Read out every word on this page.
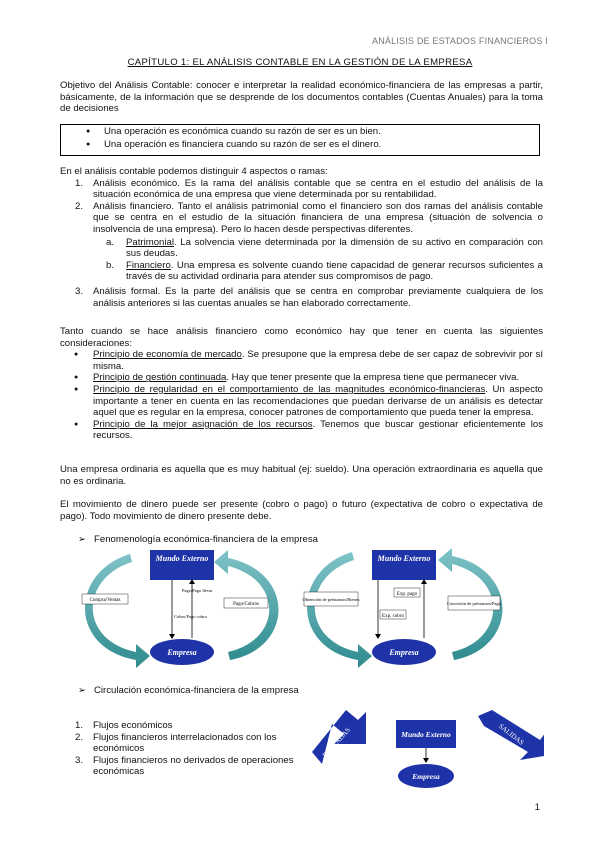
ANÁLISIS DE ESTADOS FINANCIEROS I
CAPÍTULO 1: EL ANÁLISIS CONTABLE EN LA GESTIÓN DE LA EMPRESA
Objetivo del Análisis Contable: conocer e interpretar la realidad económico-financiera de las empresas a partir, básicamente, de la información que se desprende de los documentos contables (Cuentas Anuales) para la toma de decisiones
● Una operación es económica cuando su razón de ser es un bien.
● Una operación es financiera cuando su razón de ser es el dinero.
En el análisis contable podemos distinguir 4 aspectos o ramas:
1. Análisis económico. Es la rama del análisis contable que se centra en el estudio del análisis de la situación económica de una empresa que viene determinada por su rentabilidad.
2. Análisis financiero. Tanto el análisis patrimonial como el financiero son dos ramas del análisis contable que se centra en el estudio de la situación financiera de una empresa (situación de solvencia o insolvencia de una empresa). Pero lo hacen desde perspectivas diferentes.
a. Patrimonial. La solvencia viene determinada por la dimensión de su activo en comparación con sus deudas.
b. Financiero. Una empresa es solvente cuando tiene capacidad de generar recursos suficientes a través de su actividad ordinaria para atender sus compromisos de pago.
3. Análisis formal. Es la parte del análisis que se centra en comprobar previamente cualquiera de los análisis anteriores si las cuentas anuales se han elaborado correctamente.
Tanto cuando se hace análisis financiero como económico hay que tener en cuenta las siguientes consideraciones:
● Principio de economía de mercado. Se presupone que la empresa debe de ser capaz de sobrevivir por sí misma.
● Principio de gestión continuada. Hay que tener presente que la empresa tiene que permanecer viva.
● Principio de regularidad en el comportamiento de las magnitudes económico-financieras. Un aspecto importante a tener en cuenta en las recomendaciones que puedan derivarse de un análisis es detectar aquel que es regular en la empresa, conocer patrones de comportamiento que pueda tener la empresa.
● Principio de la mejor asignación de los recursos. Tenemos que buscar gestionar eficientemente los recursos.
Una empresa ordinaria es aquella que es muy habitual (ej: sueldo). Una operación extraordinaria es aquella que no es ordinaria.
El movimiento de dinero puede ser presente (cobro o pago) o futuro (expectativa de cobro o expectativa de pago). Todo movimiento de dinero presente debe.
➢ Fenomenología económica-financiera de la empresa
Mundo Externo
Empresa
Compra/Ventas
Pago/Cobros
Pago/Pago llevar
Cobro/Pago cobro
Mundo Externo
Empresa
Obtención de préstamos/Bienes
Concesión de préstamos/Pago
Exp. pago
Exp. cobro
➢ Circulación económica-financiera de la empresa
1. Flujos económicos
2. Flujos financieros interrelacionados con los económicos
3. Flujos financieros no derivados de operaciones económicas
ENTRADAS	SALIDAS
Mundo Externo
Empresa
1
